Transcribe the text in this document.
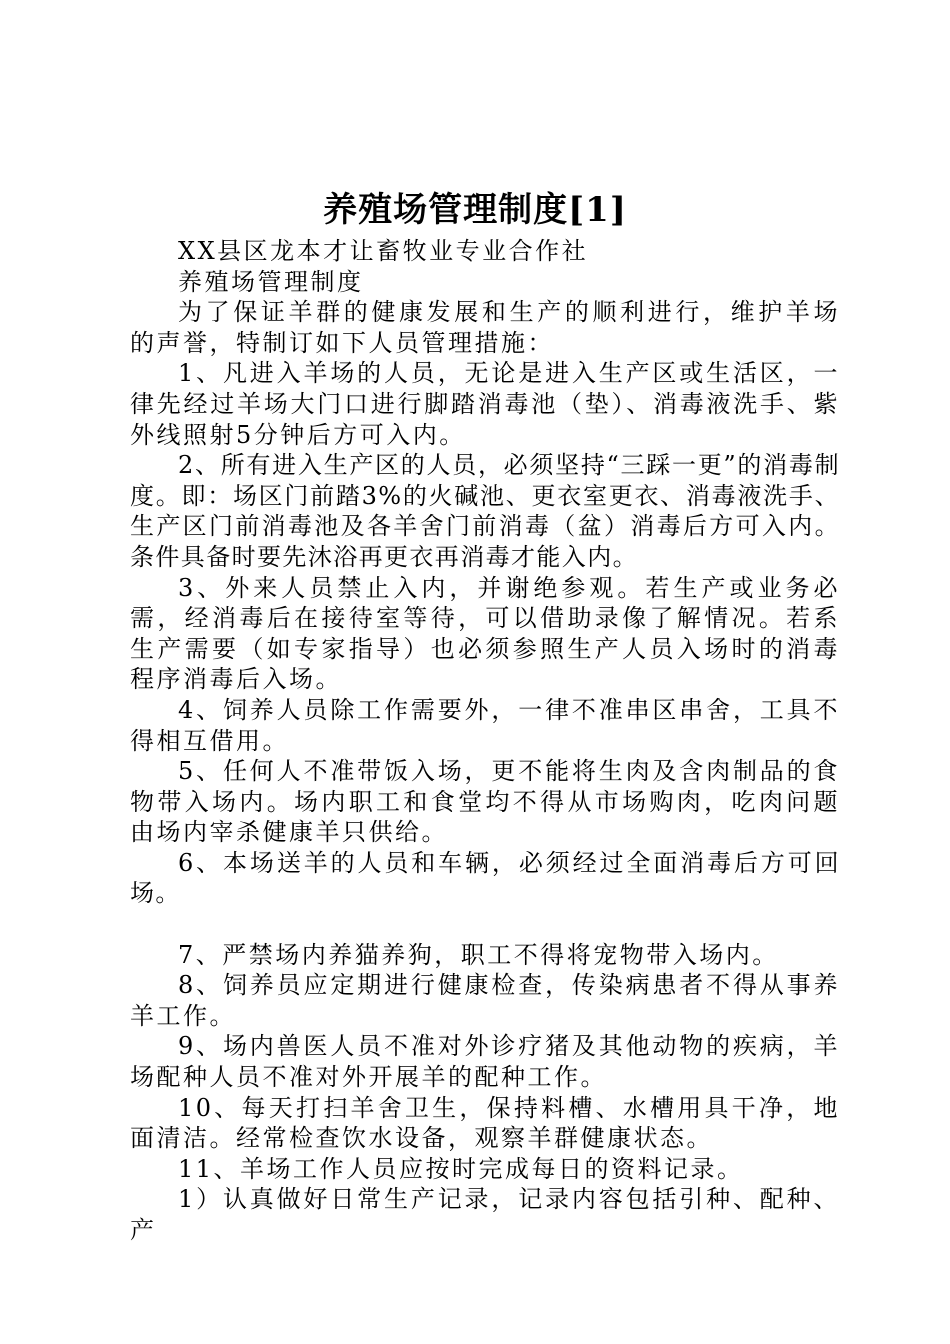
养殖场管理制度[1]

XX县区龙本才让畜牧业专业合作社

养殖场管理制度

为了保证羊群的健康发展和生产的顺利进行，维护羊场的声誉，特制订如下人员管理措施：

1、凡进入羊场的人员，无论是进入生产区或生活区，一律先经过羊场大门口进行脚踏消毒池（垫）、消毒液洗手、紫外线照射5分钟后方可入内。

2、所有进入生产区的人员，必须坚持“三踩一更”的消毒制度。即：场区门前踏3%的火碱池、更衣室更衣、消毒液洗手、生产区门前消毒池及各羊舍门前消毒（盆）消毒后方可入内。条件具备时要先沐浴再更衣再消毒才能入内。

3、外来人员禁止入内，并谢绝参观。若生产或业务必需，经消毒后在接待室等待，可以借助录像了解情况。若系生产需要（如专家指导）也必须参照生产人员入场时的消毒程序消毒后入场。

4、饲养人员除工作需要外，一律不准串区串舍，工具不得相互借用。

5、任何人不准带饭入场，更不能将生肉及含肉制品的食物带入场内。场内职工和食堂均不得从市场购肉，吃肉问题由场内宰杀健康羊只供给。

6、本场送羊的人员和车辆，必须经过全面消毒后方可回场。

7、严禁场内养猫养狗，职工不得将宠物带入场内。

8、饲养员应定期进行健康检查，传染病患者不得从事养羊工作。

9、场内兽医人员不准对外诊疗猪及其他动物的疾病，羊场配种人员不准对外开展羊的配种工作。

10、每天打扫羊舍卫生，保持料槽、水槽用具干净，地面清洁。经常检查饮水设备，观察羊群健康状态。

11、羊场工作人员应按时完成每日的资料记录。

1）认真做好日常生产记录，记录内容包括引种、配种、产
